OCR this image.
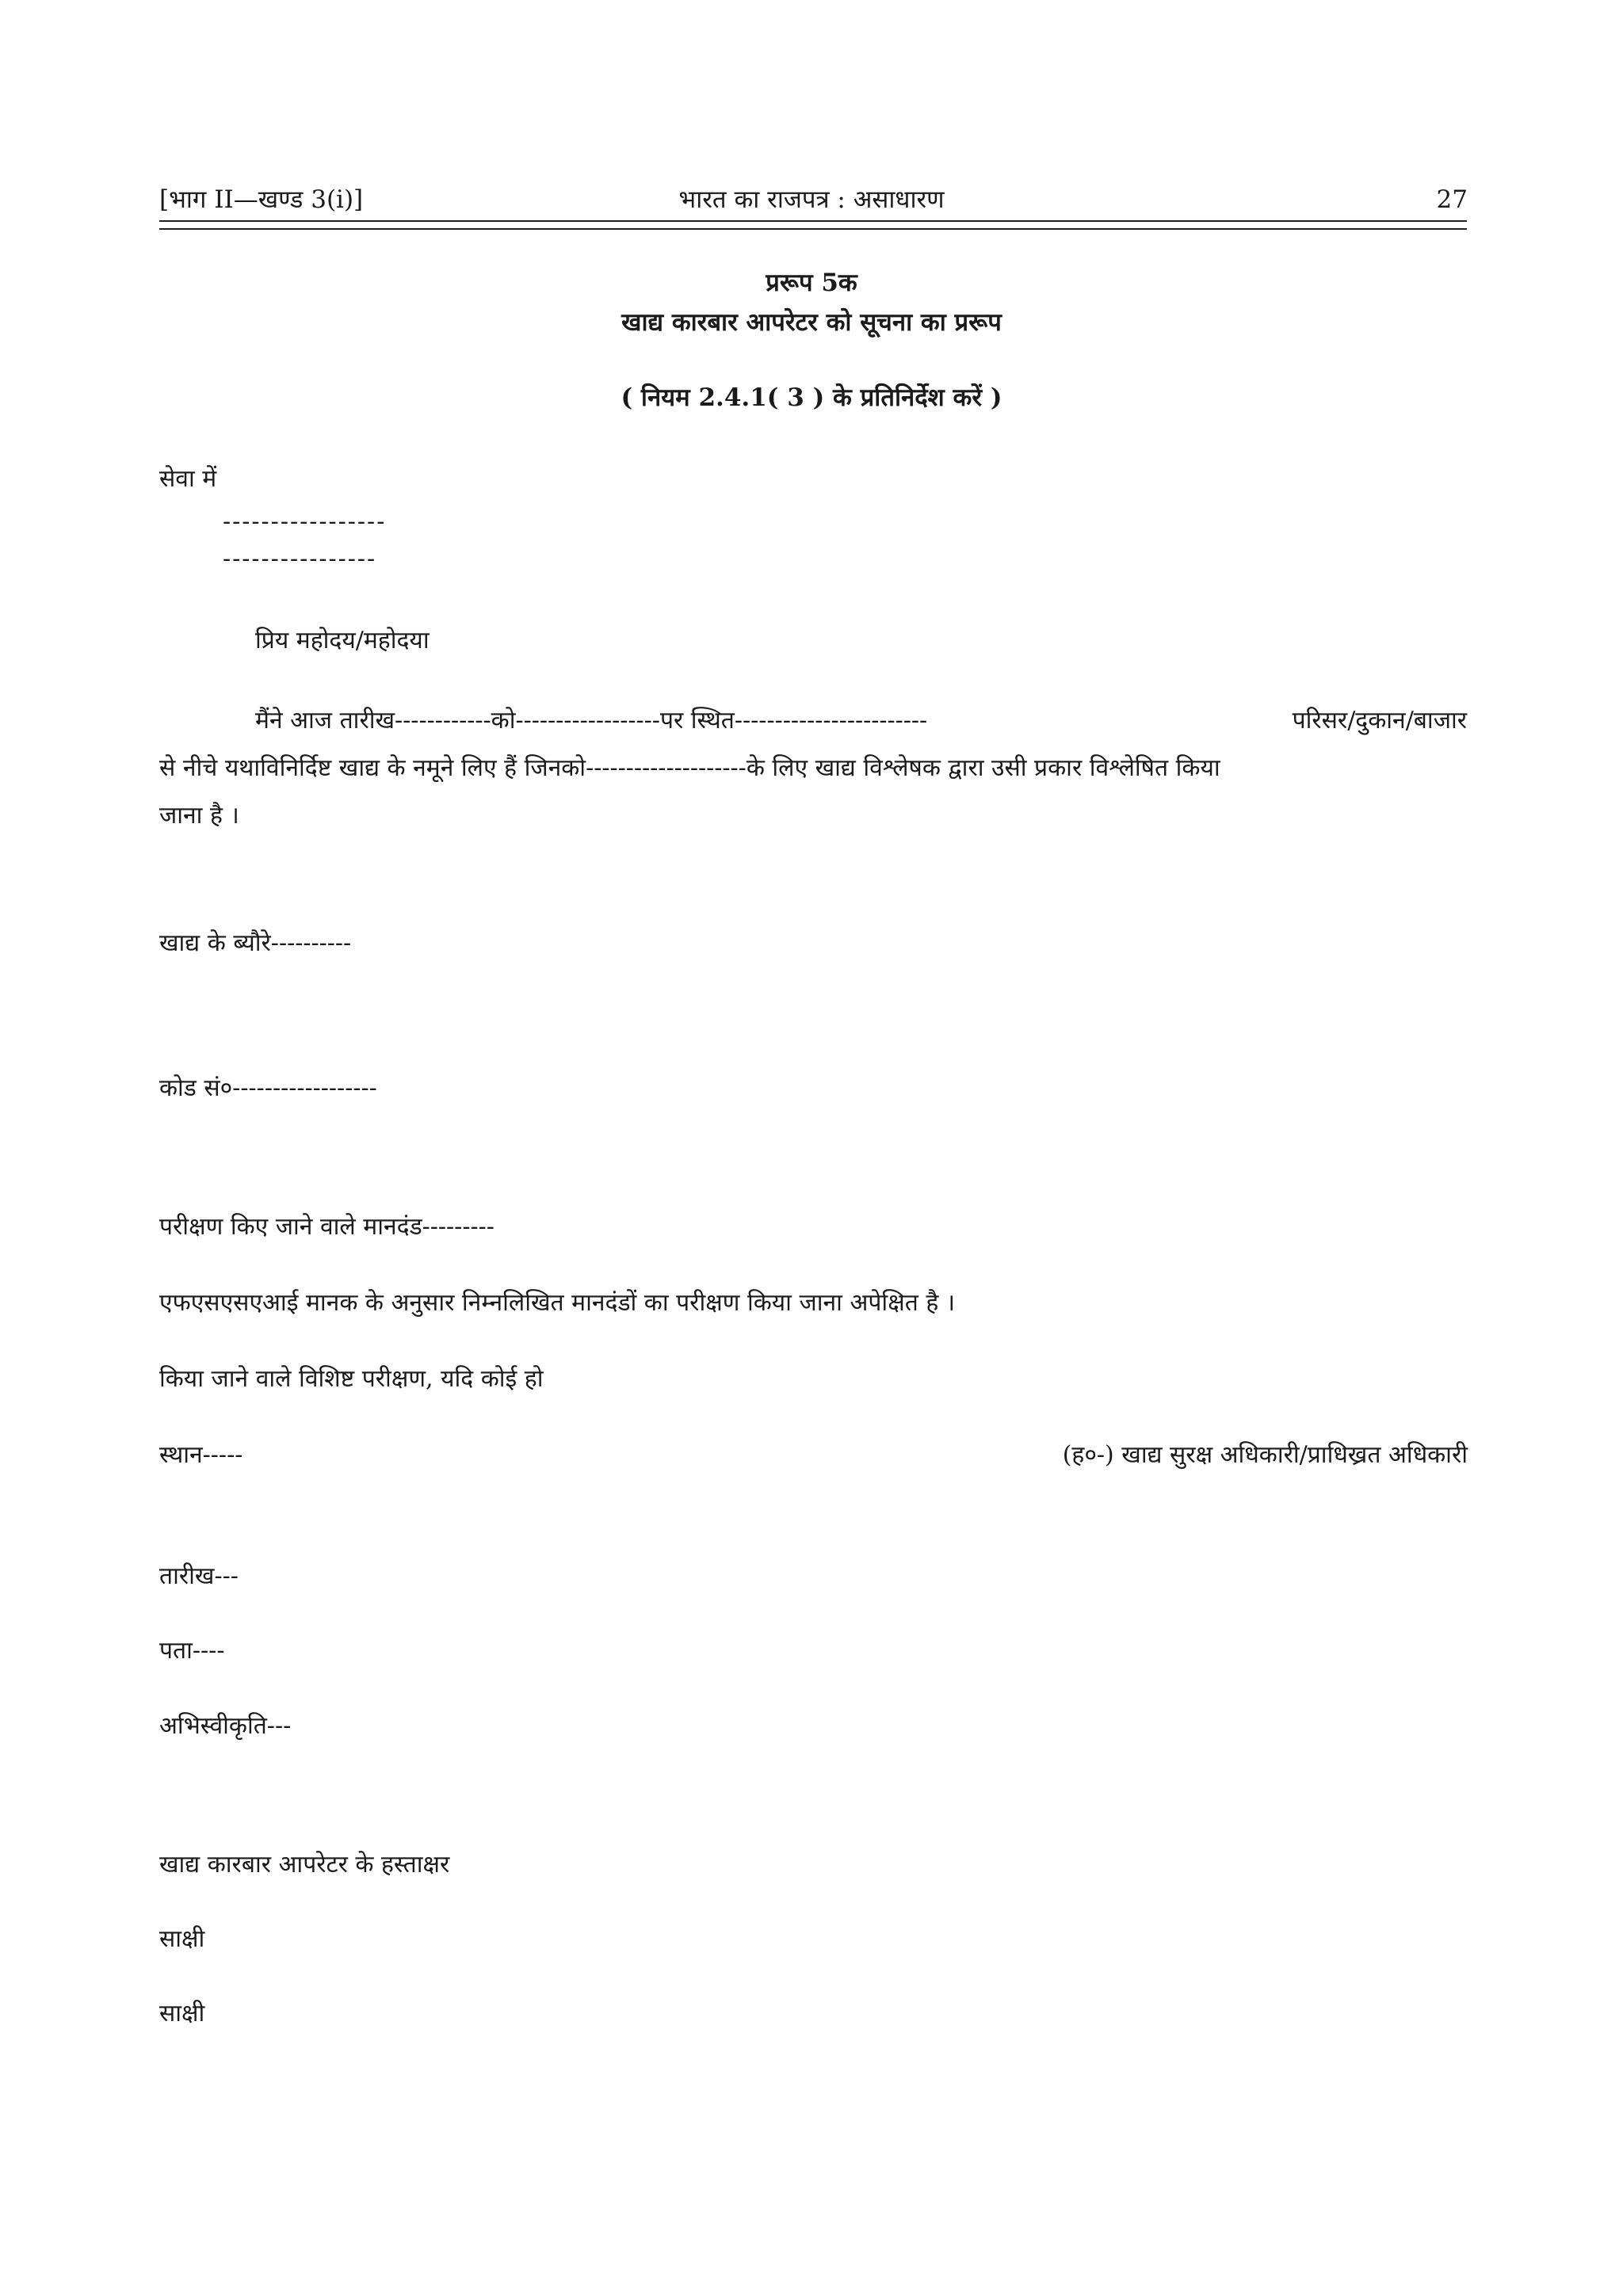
[भाग II—खण्ड 3(i)]	भारत का राजपत्र : असाधारण	27
प्ररूप 5क
खाद्य कारबार आपरेटर को सूचना का प्ररूप
( नियम 2.4.1( 3 ) के प्रतिनिर्देश करें )
सेवा में
-----------------
----------------
प्रिय महोदय/महोदया
मैंने आज तारीख------------को------------------पर स्थित------------------------	परिसर/दुकान/बाजार
से नीचे यथाविनिर्दिष्ट खाद्य के नमूने लिए हैं जिनको--------------------के लिए खाद्य विश्लेषक द्वारा उसी प्रकार विश्लेषित किया
जाना है ।
खाद्य के ब्यौरे----------
कोड सं०------------------
परीक्षण किए जाने वाले मानदंड---------
एफएसएसएआई मानक के अनुसार निम्नलिखित मानदंडों का परीक्षण किया जाना अपेक्षित है ।
किया जाने वाले विशिष्ट परीक्षण, यदि कोई हो
स्थान-----	(ह०-) खाद्य सुरक्ष अधिकारी/प्राधिख्रत अधिकारी
तारीख---
पता----
अभिस्वीकृति---
खाद्य कारबार आपरेटर के हस्ताक्षर
साक्षी
साक्षी
